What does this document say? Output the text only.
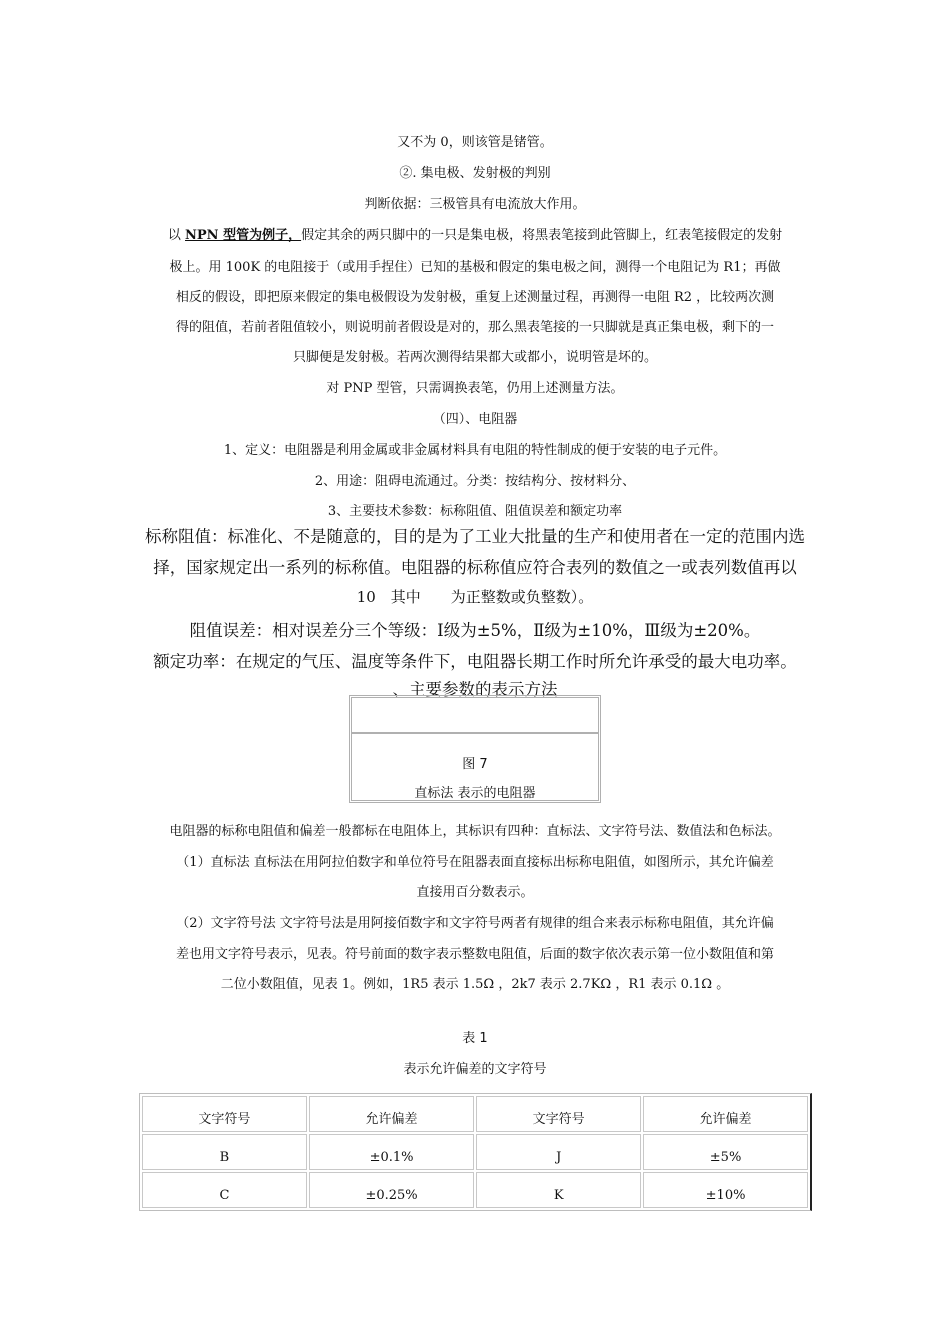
又不为 0，则该管是锗管。
②. 集电极、发射极的判别
判断依据：三极管具有电流放大作用。
以 NPN 型管为例子，假定其余的两只脚中的一只是集电极，将黑表笔接到此管脚上，红表笔接假定的发射
极上。用 100K 的电阻接于（或用手捏住）已知的基极和假定的集电极之间，测得一个电阻记为 R1；再做
相反的假设，即把原来假定的集电极假设为发射极，重复上述测量过程，再测得一电阻 R2 ，比较两次测
得的阻值，若前者阻值较小，则说明前者假设是对的，那么黑表笔接的一只脚就是真正集电极，剩下的一
只脚便是发射极。若两次测得结果都大或都小，说明管是坏的。
对 PNP 型管，只需调换表笔，仍用上述测量方法。
（四）、电阻器
1、定义：电阻器是利用金属或非金属材料具有电阻的特性制成的便于安装的电子元件。
2、用途：阻碍电流通过。分类：按结构分、按材料分、
3、主要技术参数：标称阻值、阻值误差和额定功率
标称阻值：标准化、不是随意的，目的是为了工业大批量的生产和使用者在一定的范围内选
择，国家规定出一系列的标称值。电阻器的标称值应符合表列的数值之一或表列数值再以
10　其中　　为正整数或负整数）。
阻值误差：相对误差分三个等级：Ⅰ级为±5%，Ⅱ级为±10%，Ⅲ级为±20%。
额定功率：在规定的气压、温度等条件下，电阻器长期工作时所允许承受的最大电功率。
、主要参数的表示方法
图 7
直标法 表示的电阻器
电阻器的标称电阻值和偏差一般都标在电阻体上，其标识有四种：直标法、文字符号法、数值法和色标法。
（1）直标法 直标法在用阿拉伯数字和单位符号在阻器表面直接标出标称电阻值，如图所示，其允许偏差
直接用百分数表示。
（2）文字符号法 文字符号法是用阿接佰数字和文字符号两者有规律的组合来表示标称电阻值，其允许偏
差也用文字符号表示，见表。符号前面的数字表示整数电阻值，后面的数字依次表示第一位小数阻值和第
二位小数阻值，见表 1。例如，1R5 表示 1.5Ω ，2k7 表示 2.7KΩ ，R1 表示 0.1Ω 。
表 1
表示允许偏差的文字符号
文字符号	允许偏差	文字符号	允许偏差
B	±0.1%	J	±5%
C	±0.25%	K	±10%
